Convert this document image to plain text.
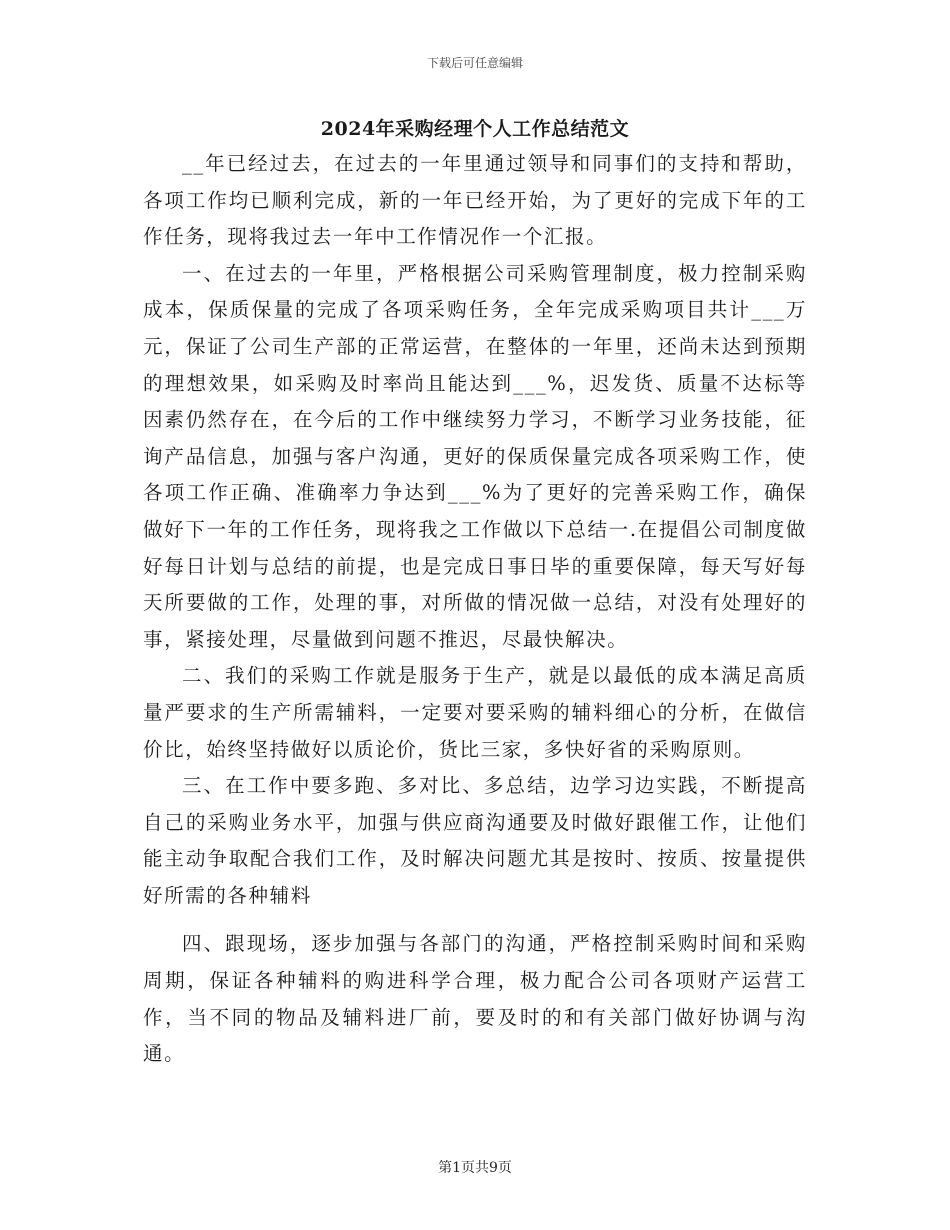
下载后可任意编辑
2024年采购经理个人工作总结范文

__年已经过去，在过去的一年里通过领导和同事们的支持和帮助，各项工作均已顺利完成，新的一年已经开始，为了更好的完成下年的工作任务，现将我过去一年中工作情况作一个汇报。

一、在过去的一年里，严格根据公司采购管理制度，极力控制采购成本，保质保量的完成了各项采购任务，全年完成采购项目共计___万元，保证了公司生产部的正常运营，在整体的一年里，还尚未达到预期的理想效果，如采购及时率尚且能达到___%，迟发货、质量不达标等因素仍然存在，在今后的工作中继续努力学习，不断学习业务技能，征询产品信息，加强与客户沟通，更好的保质保量完成各项采购工作，使各项工作正确、准确率力争达到___%为了更好的完善采购工作，确保做好下一年的工作任务，现将我之工作做以下总结一.在提倡公司制度做好每日计划与总结的前提，也是完成日事日毕的重要保障，每天写好每天所要做的工作，处理的事，对所做的情况做一总结，对没有处理好的事，紧接处理，尽量做到问题不推迟，尽最快解决。

二、我们的采购工作就是服务于生产，就是以最低的成本满足高质量严要求的生产所需辅料，一定要对要采购的辅料细心的分析，在做信价比，始终坚持做好以质论价，货比三家，多快好省的采购原则。

三、在工作中要多跑、多对比、多总结，边学习边实践，不断提高自己的采购业务水平，加强与供应商沟通要及时做好跟催工作，让他们能主动争取配合我们工作，及时解决问题尤其是按时、按质、按量提供好所需的各种辅料

四、跟现场，逐步加强与各部门的沟通，严格控制采购时间和采购周期，保证各种辅料的购进科学合理，极力配合公司各项财产运营工作，当不同的物品及辅料进厂前，要及时的和有关部门做好协调与沟通。

第1页共9页
